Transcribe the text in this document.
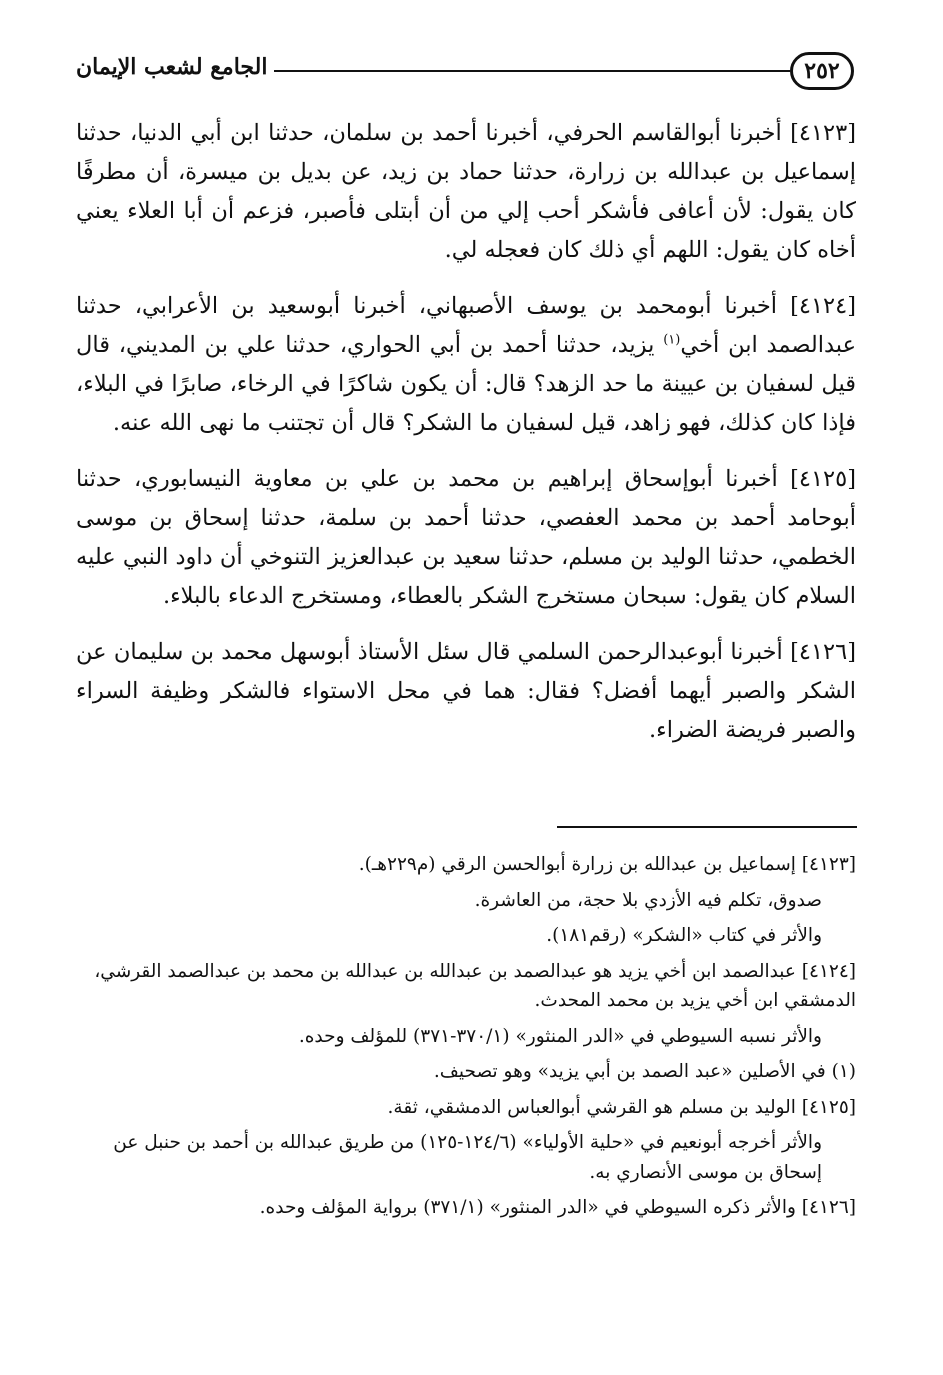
٢٥٢
الجامع لشعب الإيمان

[٤١٢٣] أخبرنا أبوالقاسم الحرفي، أخبرنا أحمد بن سلمان، حدثنا ابن أبي الدنيا، حدثنا إسماعيل بن عبدالله بن زرارة، حدثنا حماد بن زيد، عن بديل بن ميسرة، أن مطرفًا كان يقول: لأن أعافى فأشكر أحب إلي من أن أبتلى فأصبر، فزعم أن أبا العلاء يعني أخاه كان يقول: اللهم أي ذلك كان فعجله لي.

[٤١٢٤] أخبرنا أبومحمد بن يوسف الأصبهاني، أخبرنا أبوسعيد بن الأعرابي، حدثنا عبدالصمد ابن أخي$^{(١)}$ يزيد، حدثنا أحمد بن أبي الحواري، حدثنا علي بن المديني، قال قيل لسفيان بن عيينة ما حد الزهد؟ قال: أن يكون شاكرًا في الرخاء، صابرًا في البلاء، فإذا كان كذلك، فهو زاهد، قيل لسفيان ما الشكر؟ قال أن تجتنب ما نهى الله عنه.

[٤١٢٥] أخبرنا أبوإسحاق إبراهيم بن محمد بن علي بن معاوية النيسابوري، حدثنا أبوحامد أحمد بن محمد العفصي، حدثنا أحمد بن سلمة، حدثنا إسحاق بن موسى الخطمي، حدثنا الوليد بن مسلم، حدثنا سعيد بن عبدالعزيز التنوخي أن داود النبي عليه السلام كان يقول: سبحان مستخرج الشكر بالعطاء، ومستخرج الدعاء بالبلاء.

[٤١٢٦] أخبرنا أبوعبدالرحمن السلمي قال سئل الأستاذ أبوسهل محمد بن سليمان عن الشكر والصبر أيهما أفضل؟ فقال: هما في محل الاستواء فالشكر وظيفة السراء والصبر فريضة الضراء.

[٤١٢٣] إسماعيل بن عبدالله بن زرارة أبوالحسن الرقي (م٢٢٩هـ).

صدوق، تكلم فيه الأزدي بلا حجة، من العاشرة.

والأثر في كتاب «الشكر» (رقم١٨١).

[٤١٢٤] عبدالصمد ابن أخي يزيد هو عبدالصمد بن عبدالله بن عبدالله بن محمد بن عبدالصمد القرشي، الدمشقي ابن أخي يزيد بن محمد المحدث.

والأثر نسبه السيوطي في «الدر المنثور» (٣٧٠/١-٣٧١) للمؤلف وحده.

(١) في الأصلين «عبد الصمد بن أبي يزيد» وهو تصحيف.

[٤١٢٥] الوليد بن مسلم هو القرشي أبوالعباس الدمشقي، ثقة.

والأثر أخرجه أبونعيم في «حلية الأولياء» (١٢٤/٦-١٢٥) من طريق عبدالله بن أحمد بن حنبل عن إسحاق بن موسى الأنصاري به.

[٤١٢٦] والأثر ذكره السيوطي في «الدر المنثور» (٣٧١/١) برواية المؤلف وحده.
